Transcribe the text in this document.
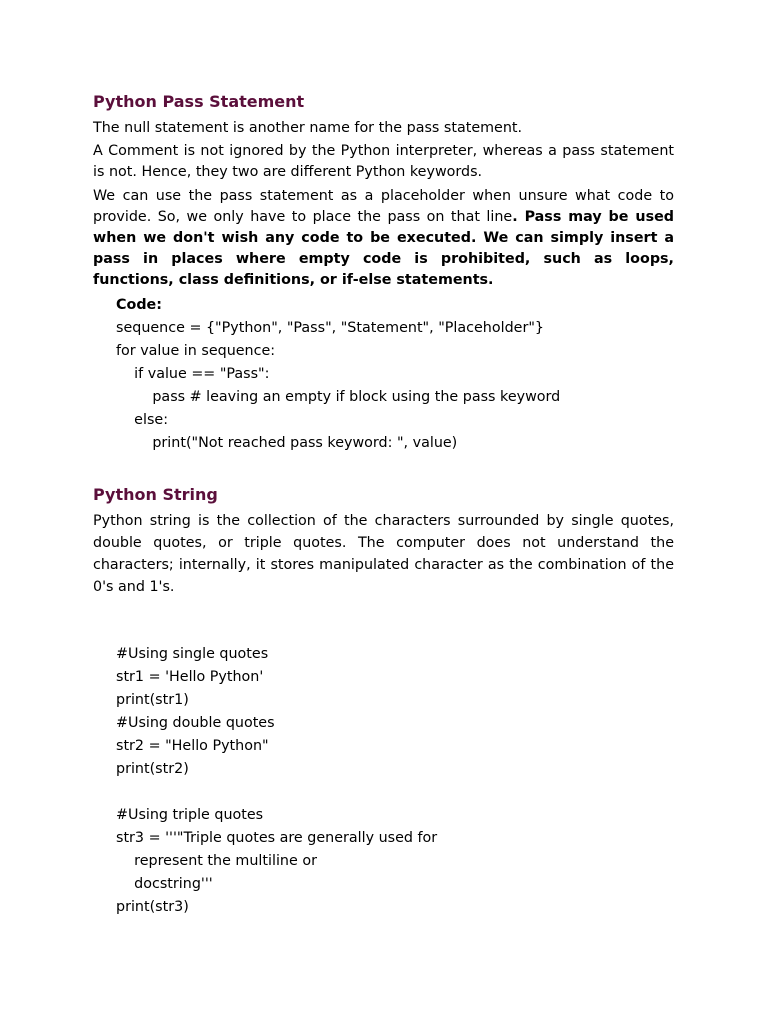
Python Pass Statement

The null statement is another name for the pass statement.

A Comment is not ignored by the Python interpreter, whereas a pass statement is not. Hence, they two are different Python keywords.

We can use the pass statement as a placeholder when unsure what code to provide. So, we only have to place the pass on that line. Pass may be used when we don't wish any code to be executed. We can simply insert a pass in places where empty code is prohibited, such as loops, functions, class definitions, or if-else statements.

Code:
sequence = {"Python", "Pass", "Statement", "Placeholder"}
for value in sequence:
if value == "Pass":
pass # leaving an empty if block using the pass keyword
else:
print("Not reached pass keyword: ", value)
Python String

Python string is the collection of the characters surrounded by single quotes, double quotes, or triple quotes. The computer does not understand the characters; internally, it stores manipulated character as the combination of the 0's and 1's.

#Using single quotes
str1 = 'Hello Python'
print(str1)
#Using double quotes
str2 = "Hello Python"
print(str2)
#Using triple quotes
str3 = '''"Triple quotes are generally used for
represent the multiline or
docstring'''
print(str3)
